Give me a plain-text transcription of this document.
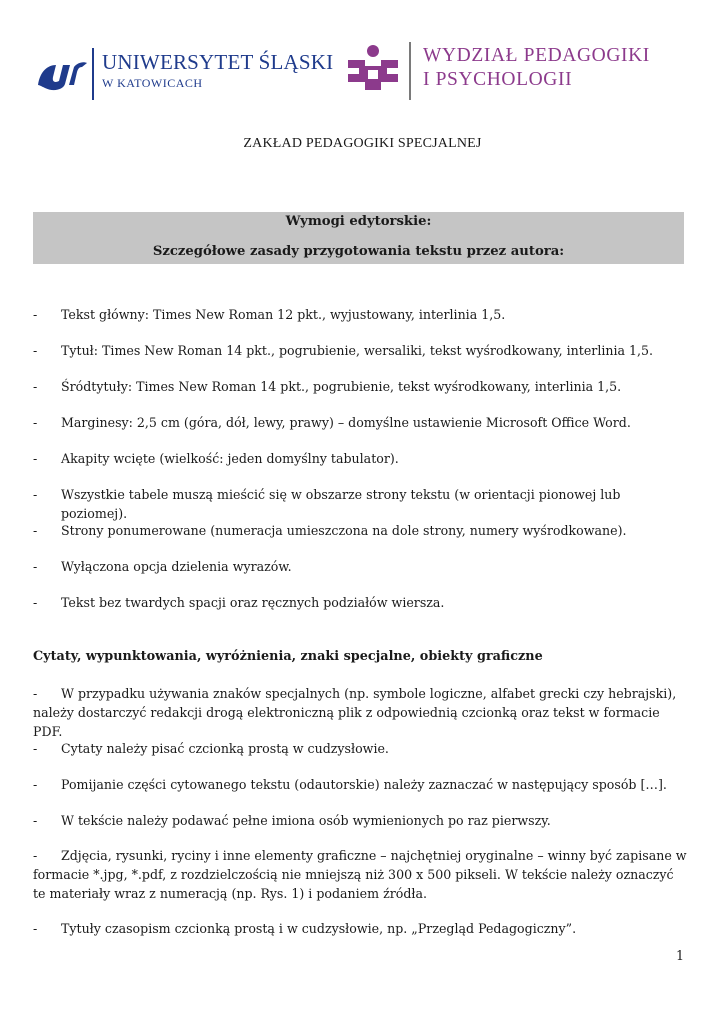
UNIWERSYTET ŚLĄSKI
W KATOWICACH
WYDZIAŁ PEDAGOGIKI
I PSYCHOLOGII
ZAKŁAD PEDAGOGIKI SPECJALNEJ
Wymogi edytorskie:
Szczegółowe zasady przygotowania tekstu przez autora:
-	Tekst główny: Times New Roman 12 pkt., wyjustowany, interlinia 1,5.
-	Tytuł: Times New Roman 14 pkt., pogrubienie, wersaliki, tekst wyśrodkowany, interlinia 1,5.
-	Śródtytuły: Times New Roman 14 pkt., pogrubienie, tekst wyśrodkowany, interlinia 1,5.
-	Marginesy: 2,5 cm (góra, dół, lewy, prawy) – domyślne ustawienie Microsoft Office Word.
-	Akapity wcięte (wielkość: jeden domyślny tabulator).
-	Wszystkie tabele muszą mieścić się w obszarze strony tekstu (w orientacji pionowej lub poziomej).
-	Strony ponumerowane (numeracja umieszczona na dole strony, numery wyśrodkowane).
-	Wyłączona opcja dzielenia wyrazów.
-	Tekst bez twardych spacji oraz ręcznych podziałów wiersza.
Cytaty, wypunktowania, wyróżnienia, znaki specjalne, obiekty graficzne
-	W przypadku używania znaków specjalnych (np. symbole logiczne, alfabet grecki czy hebrajski), należy dostarczyć redakcji drogą elektroniczną plik z odpowiednią czcionką oraz tekst w formacie PDF.
-	Cytaty należy pisać czcionką prostą w cudzysłowie.
-	Pomijanie części cytowanego tekstu (odautorskie) należy zaznaczać w następujący sposób […].
-	W tekście należy podawać pełne imiona osób wymienionych po raz pierwszy.
-	Zdjęcia, rysunki, ryciny i inne elementy graficzne – najchętniej oryginalne – winny być zapisane w formacie *.jpg, *.pdf, z rozdzielczością nie mniejszą niż 300 x 500 pikseli. W tekście należy oznaczyć te materiały wraz z numeracją (np. Rys. 1) i podaniem źródła.
-	Tytuły czasopism czcionką prostą i w cudzysłowie, np. „Przegląd Pedagogiczny”.
1
